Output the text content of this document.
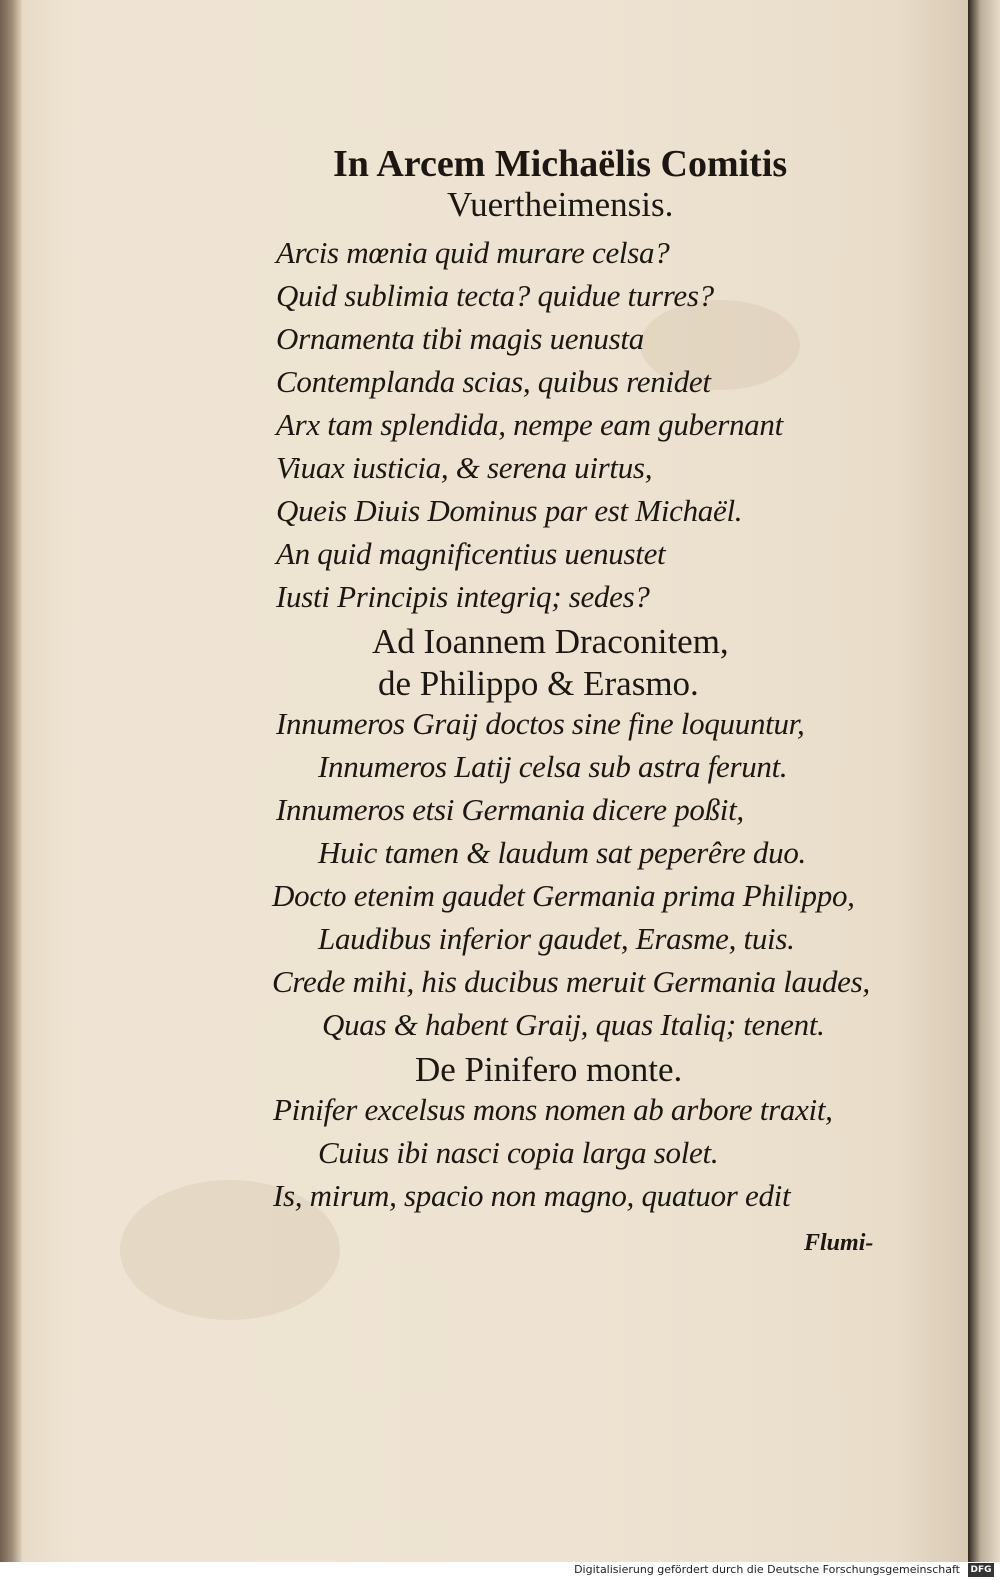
In Arcem Michaëlis Comitis
Vuertheimensis.
Arcis mœnia quid murare celsa?
Quid sublimia tecta? quidue turres?
Ornamenta tibi magis uenusta
Contemplanda scias, quibus renidet
Arx tam splendida, nempe eam gubernant
Viuax iusticia, & serena uirtus,
Queis Diuis Dominus par est Michaël.
An quid magnificentius uenustet
Iusti Principis integriq; sedes?
Ad Ioannem Draconitem,
de Philippo & Erasmo.
Innumeros Graij doctos sine fine loquuntur,
Innumeros Latij celsa sub astra ferunt.
Innumeros etsi Germania dicere poßit,
Huic tamen & laudum sat peperêre duo.
Docto etenim gaudet Germania prima Philippo,
Laudibus inferior gaudet, Erasme, tuis.
Crede mihi, his ducibus meruit Germania laudes,
Quas & habent Graij, quas Italiq; tenent.
De Pinifero monte.
Pinifer excelsus mons nomen ab arbore traxit,
Cuius ibi nasci copia larga solet.
Is, mirum, spacio non magno, quatuor edit
Flumi-
Digitalisierung gefördert durch die Deutsche Forschungsgemeinschaft DFG
